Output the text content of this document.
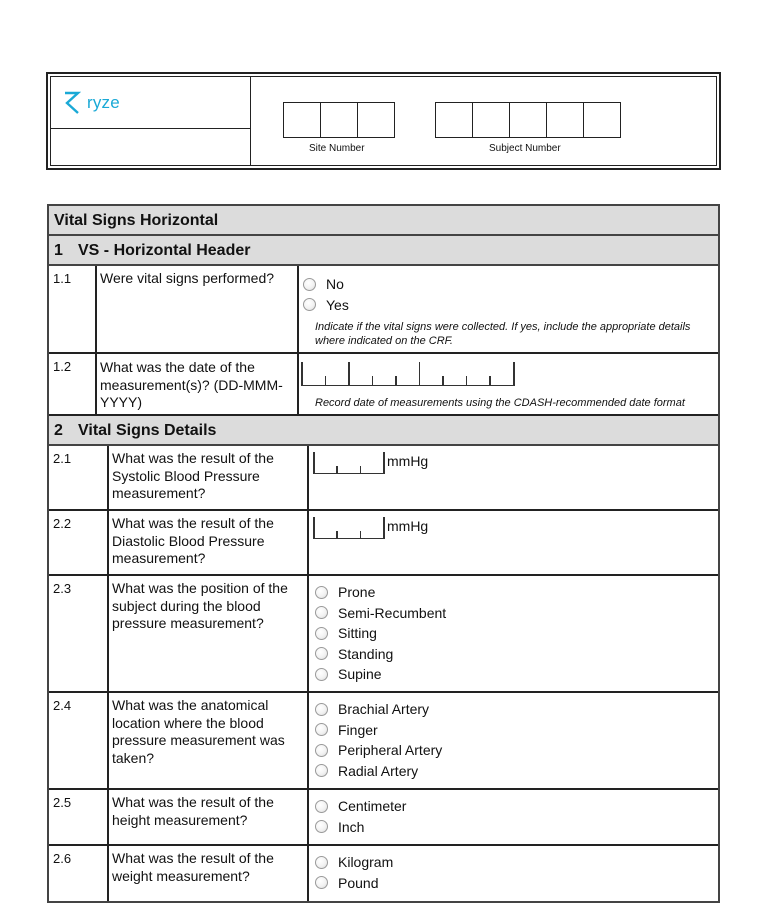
ryze
Site Number	Subject Number
Vital Signs Horizontal
1 VS - Horizontal Header
1.1	Were vital signs performed?	No
Yes
Indicate if the vital signs were collected. If yes, include the appropriate details where indicated on the CRF.
1.2	What was the date of the measurement(s)? (DD-MMM-YYYY)	Record date of measurements using the CDASH-recommended date format
2 Vital Signs Details
2.1	What was the result of the Systolic Blood Pressure measurement?
mmHg
2.2	What was the result of the Diastolic Blood Pressure measurement?
mmHg
2.3	What was the position of the subject during the blood pressure measurement?
Prone
Semi-Recumbent
Sitting
Standing
Supine
2.4	What was the anatomical location where the blood pressure measurement was taken?
Brachial Artery
Finger
Peripheral Artery
Radial Artery
2.5	What was the result of the height measurement?
Centimeter
Inch
2.6	What was the result of the weight measurement?
Kilogram
Pound
